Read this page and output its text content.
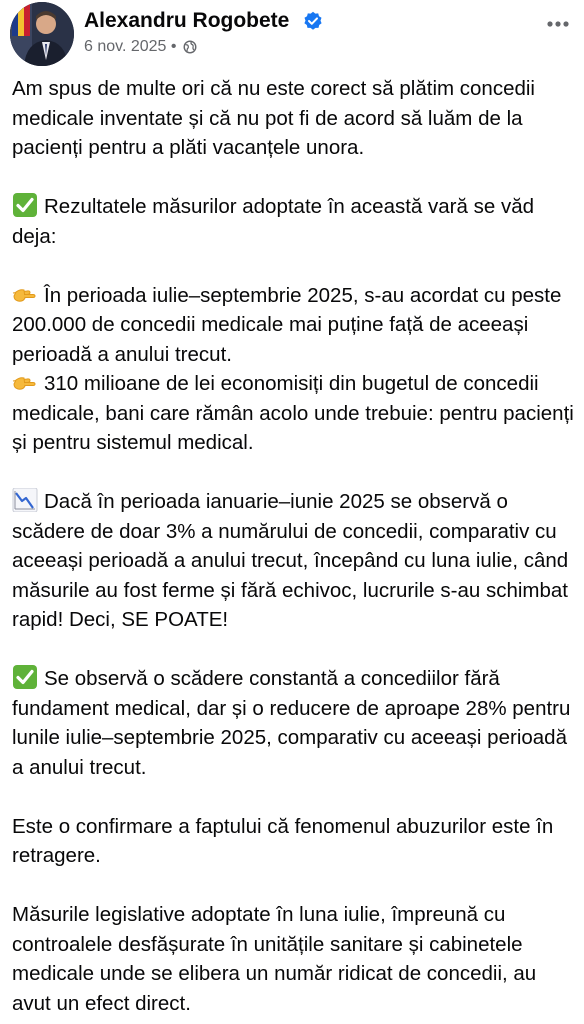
Alexandru Rogobete
6 nov. 2025 •

Am spus de multe ori că nu este corect să plătim concedii medicale inventate și că nu pot fi de acord să luăm de la pacienți pentru a plăti vacanțele unora.

Rezultatele măsurilor adoptate în această vară se văd deja:

În perioada iulie–septembrie 2025, s-au acordat cu peste 200.000 de concedii medicale mai puține față de aceeași perioadă a anului trecut.

310 milioane de lei economisiți din bugetul de concedii medicale, bani care rămân acolo unde trebuie: pentru pacienți și pentru sistemul medical.

Dacă în perioada ianuarie–iunie 2025 se observă o scădere de doar 3% a numărului de concedii, comparativ cu aceeași perioadă a anului trecut, începând cu luna iulie, când măsurile au fost ferme și fără echivoc, lucrurile s-au schimbat rapid! Deci, SE POATE!

Se observă o scădere constantă a concediilor fără fundament medical, dar și o reducere de aproape 28% pentru lunile iulie–septembrie 2025, comparativ cu aceeași perioadă a anului trecut.

Este o confirmare a faptului că fenomenul abuzurilor este în retragere.

Măsurile legislative adoptate în luna iulie, împreună cu controalele desfășurate în unitățile sanitare și cabinetele medicale unde se elibera un număr ridicat de concedii, au avut un efect direct.
